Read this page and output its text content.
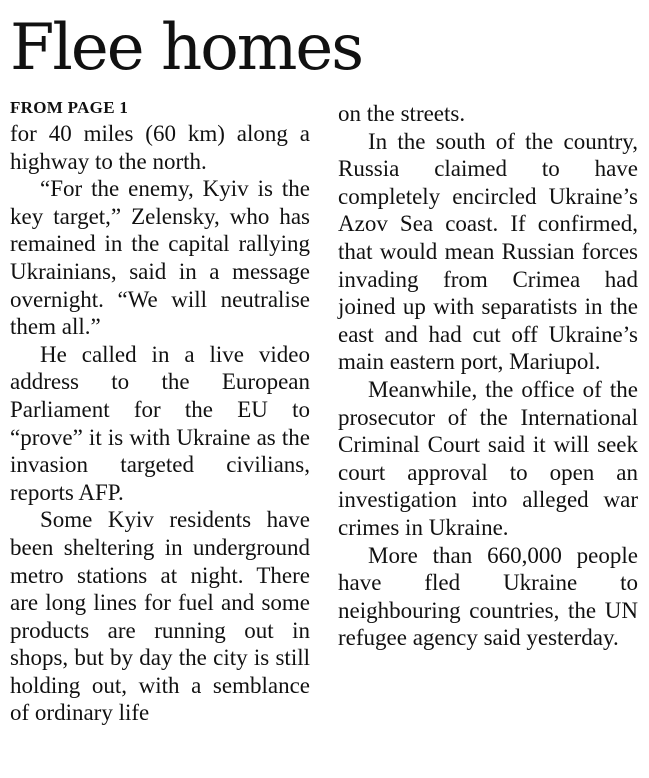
Flee homes
FROM PAGE 1

for 40 miles (60 km) along a highway to the north.

“For the enemy, Kyiv is the key target,” Zelensky, who has remained in the capital rallying Ukrainians, said in a message overnight. “We will neutralise them all.”

He called in a live video address to the European Parliament for the EU to “prove” it is with Ukraine as the invasion targeted civilians, reports AFP.

Some Kyiv residents have been sheltering in underground metro stations at night. There are long lines for fuel and some products are running out in shops, but by day the city is still holding out, with a semblance of ordinary life

on the streets.

In the south of the country, Russia claimed to have completely encircled Ukraine’s Azov Sea coast. If confirmed, that would mean Russian forces invading from Crimea had joined up with separatists in the east and had cut off Ukraine’s main eastern port, Mariupol.

Meanwhile, the office of the prosecutor of the International Criminal Court said it will seek court approval to open an investigation into alleged war crimes in Ukraine.

More than 660,000 people have fled Ukraine to neighbouring countries, the UN refugee agency said yesterday.
